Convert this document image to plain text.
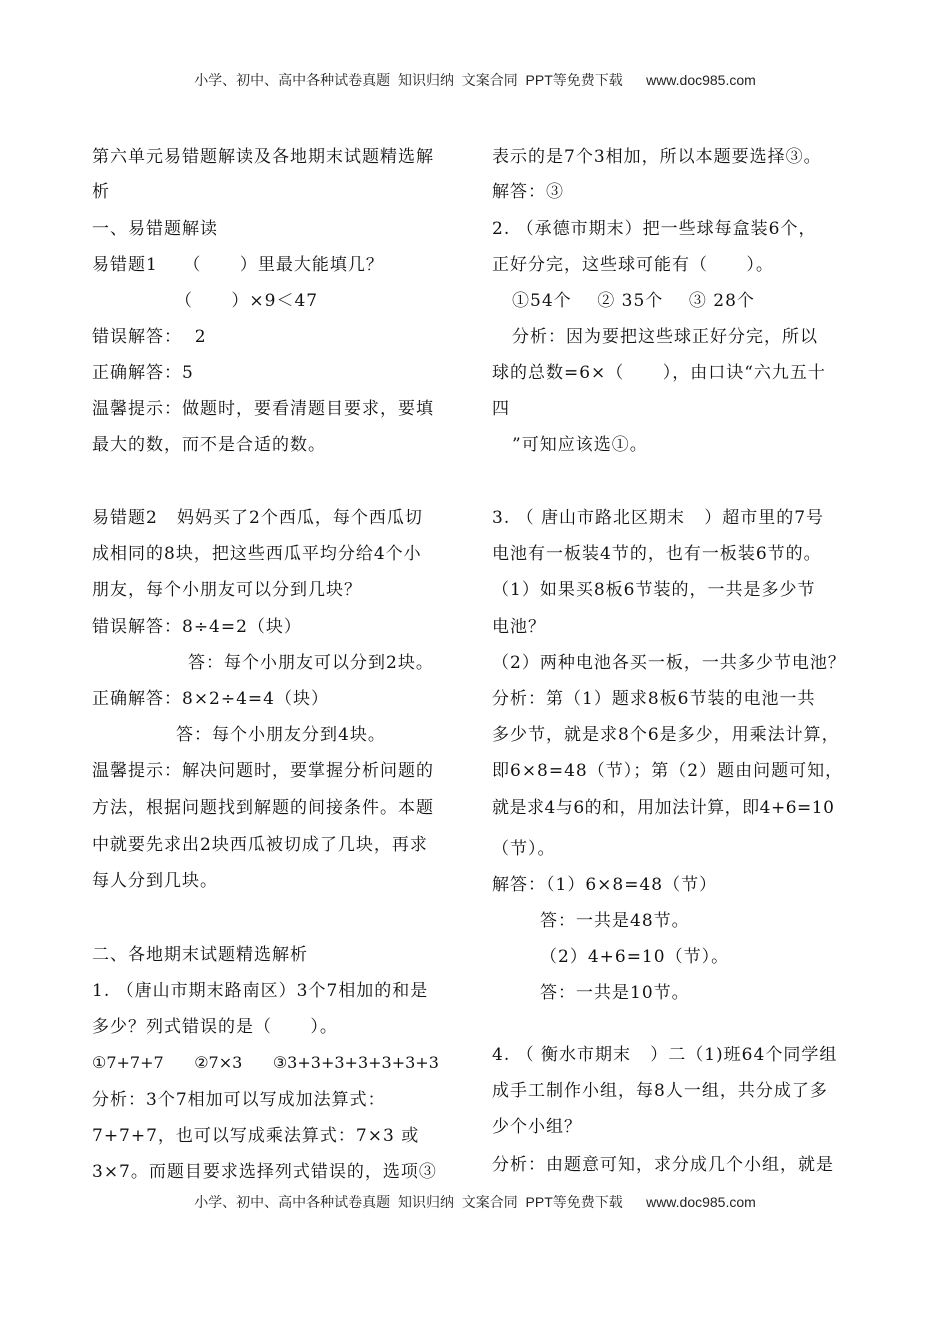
小学、初中、高中各种试卷真题  知识归纳  文案合同  PPT等免费下载      www.doc985.com
第六单元易错题解读及各地期末试题精选解
析
一、易错题解读
易错题1    （      ）里最大能填几？
（      ）×9＜47
错误解答：  2
正确解答：5
温馨提示：做题时，要看清题目要求，要填
最大的数，而不是合适的数。
易错题2   妈妈买了2个西瓜，每个西瓜切
成相同的8块，把这些西瓜平均分给4个小
朋友，每个小朋友可以分到几块？
错误解答：8÷4=2（块）
答：每个小朋友可以分到2块。
正确解答：8×2÷4=4（块）
答：每个小朋友分到4块。
温馨提示：解决问题时，要掌握分析问题的
方法，根据问题找到解题的间接条件。本题
中就要先求出2块西瓜被切成了几块，再求
每人分到几块。
二、各地期末试题精选解析
1. （唐山市期末路南区）3个7相加的和是
多少？列式错误的是（      ）。
①7+7+7      ②7×3      ③3+3+3+3+3+3+3
分析：3个7相加可以写成加法算式：
7+7+7，也可以写成乘法算式：7×3 或
3×7。而题目要求选择列式错误的，选项③
表示的是7个3相加，所以本题要选择③。
解答：③
2. （承德市期末）把一些球每盒装6个，
正好分完，这些球可能有（      ）。
①54个    ② 35个    ③ 28个
分析：因为要把这些球正好分完，所以
球的总数=6×（      ），由口诀“六九五十
四
”可知应该选①。
3. （ 唐山市路北区期末   ）超市里的7号
电池有一板装4节的，也有一板装6节的。
（1）如果买8板6节装的，一共是多少节
电池？
（2）两种电池各买一板，一共多少节电池？
分析：第（1）题求8板6节装的电池一共
多少节，就是求8个6是多少，用乘法计算，
即6×8=48（节）；第（2）题由问题可知，
就是求4与6的和，用加法计算，即4+6=10
（节）。
解答：（1）6×8=48（节）
答：一共是48节。
（2）4+6=10（节）。
答：一共是10节。
4. （ 衡水市期末   ）二（1)班64个同学组
成手工制作小组，每8人一组，共分成了多
少个小组？
分析：由题意可知，求分成几个小组，就是
小学、初中、高中各种试卷真题  知识归纳  文案合同  PPT等免费下载      www.doc985.com
